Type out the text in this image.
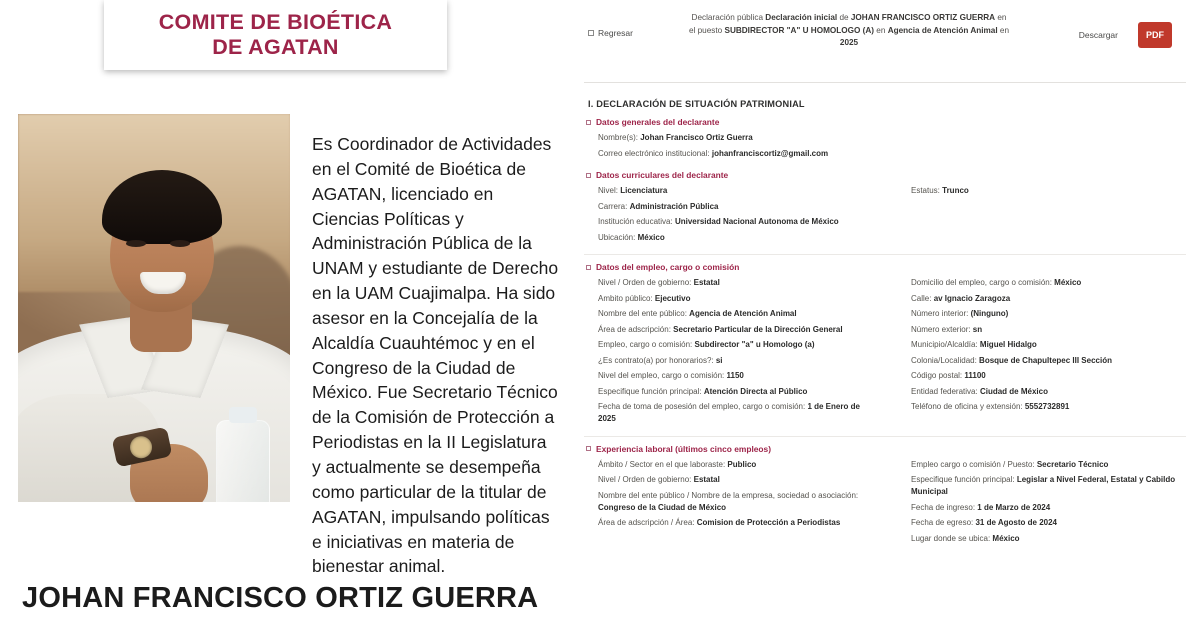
COMITE DE BIOÉTICA
DE AGATAN
Es Coordinador de Actividades en el Comité de Bioética de AGATAN, licenciado en Ciencias Políticas y Administración Pública de la UNAM y estudiante de Derecho en la UAM Cuajimalpa. Ha sido asesor en la Concejalía de la Alcaldía Cuauhtémoc y en el Congreso de la Ciudad de México. Fue Secretario Técnico de la Comisión de Protección a Periodistas en la II Legislatura y actualmente se desempeña como particular de la titular de AGATAN, impulsando políticas e iniciativas en materia de bienestar animal.
JOHAN FRANCISCO ORTIZ GUERRA
Regresar
Declaración pública Declaración inicial de JOHAN FRANCISCO ORTIZ GUERRA en el puesto SUBDIRECTOR "A" U HOMOLOGO (A) en Agencia de Atención Animal en 2025
Descargar	PDF
I. DECLARACIÓN DE SITUACIÓN PATRIMONIAL
Datos generales del declarante
Nombre(s): Johan Francisco Ortiz Guerra
Correo electrónico institucional: johanfranciscortiz@gmail.com
Datos curriculares del declarante
Nivel: Licenciatura
Carrera: Administración Pública
Institución educativa: Universidad Nacional Autonoma de México
Ubicación: México
Estatus: Trunco
Datos del empleo, cargo o comisión
Nivel / Orden de gobierno: Estatal
Ambito público: Ejecutivo
Nombre del ente público: Agencia de Atención Animal
Área de adscripción: Secretario Particular de la Dirección General
Empleo, cargo o comisión: Subdirector "a" u Homologo (a)
¿Es contrato(a) por honorarios?: si
Nivel del empleo, cargo o comisión: 1150
Especifique función principal: Atención Directa al Público
Fecha de toma de posesión del empleo, cargo o comisión: 1 de Enero de 2025
Domicilio del empleo, cargo o comisión: México
Calle: av Ignacio Zaragoza
Número interior: (Ninguno)
Número exterior: sn
Municipio/Alcaldía: Miguel Hidalgo
Colonia/Localidad: Bosque de Chapultepec III Sección
Código postal: 11100
Entidad federativa: Ciudad de México
Teléfono de oficina y extensión: 5552732891
Experiencia laboral (últimos cinco empleos)
Ámbito / Sector en el que laboraste: Publico
Nivel / Orden de gobierno: Estatal
Nombre del ente público / Nombre de la empresa, sociedad o asociación: Congreso de la Ciudad de México
Área de adscripción / Área: Comision de Protección a Periodistas
Empleo cargo o comisión / Puesto: Secretario Técnico
Especifique función principal: Legislar a Nivel Federal, Estatal y Cabildo Municipal
Fecha de ingreso: 1 de Marzo de 2024
Fecha de egreso: 31 de Agosto de 2024
Lugar donde se ubica: México
